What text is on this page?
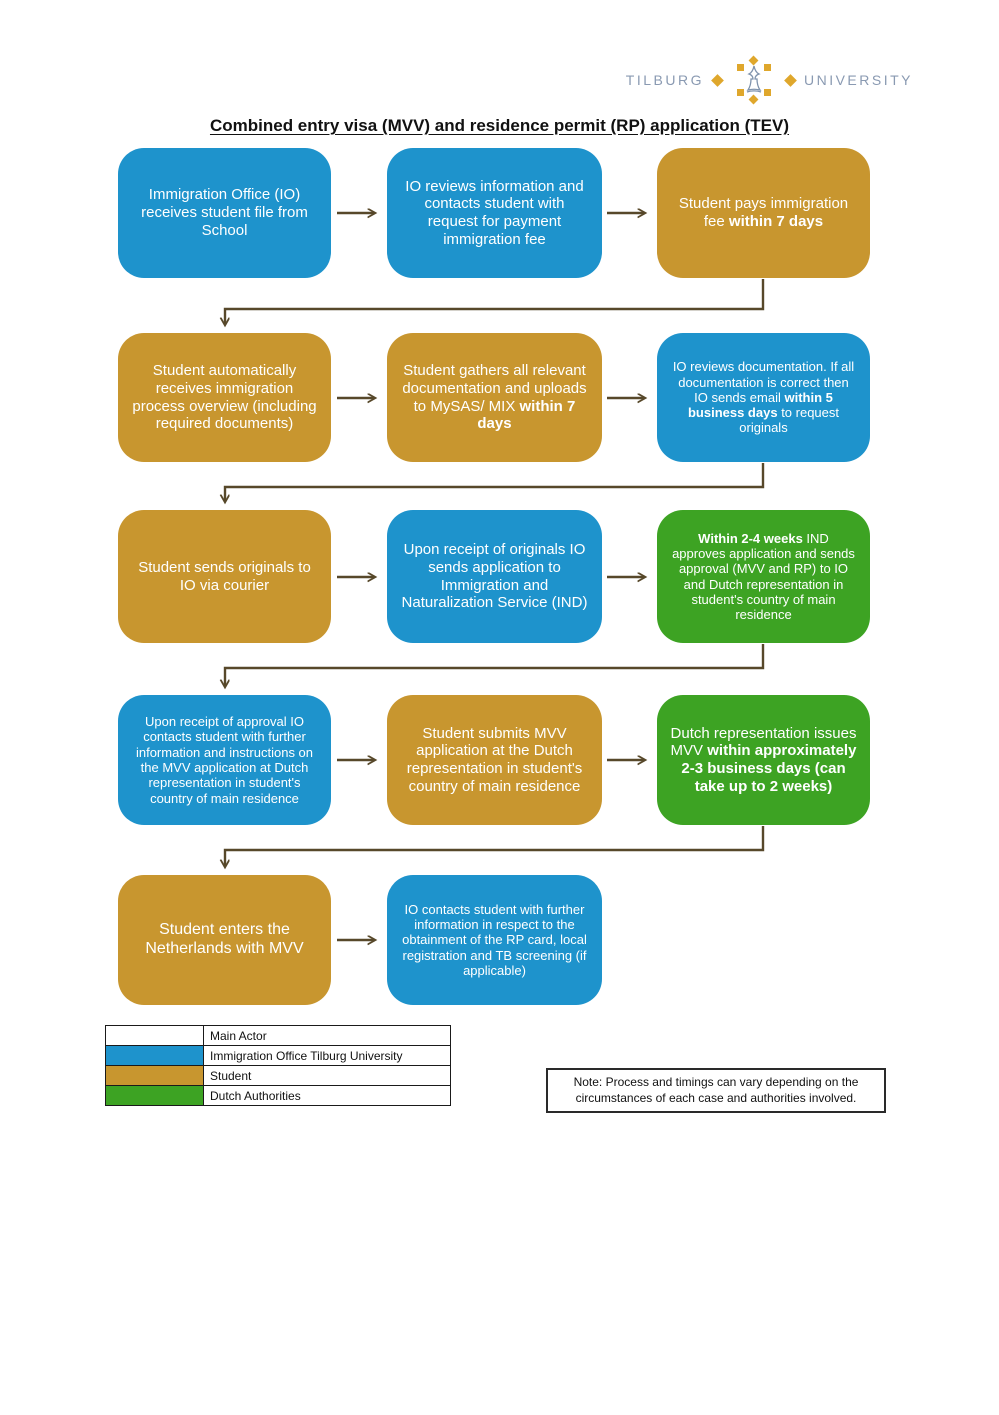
TILBURG	UNIVERSITY
Combined entry visa (MVV) and residence permit (RP) application (TEV)
Immigration Office (IO) receives student file from School
IO reviews information and contacts student with request for payment immigration fee
Student pays immigration fee within 7 days
Student automatically receives immigration process overview (including required documents)
Student gathers all relevant documentation and uploads to MySAS/ MIX within 7 days
IO reviews documentation. If all documentation is correct then IO sends email within 5 business days to request originals
Student sends originals to IO via courier
Upon receipt of originals IO sends application to Immigration and Naturalization Service (IND)
Within 2-4 weeks IND approves application and sends approval (MVV and RP) to IO and Dutch representation in student's country of main residence
Upon receipt of approval IO contacts student with further information and instructions on the MVV application at Dutch representation in student's country of main residence
Student submits MVV application at the Dutch representation in student's country of main residence
Dutch representation issues MVV within approximately 2-3 business days (can take up to 2 weeks)
Student enters the Netherlands with MVV
IO contacts student with further information in respect to the obtainment of the RP card, local registration and TB screening (if applicable)
	Main Actor
	Immigration Office Tilburg University
	Student
	Dutch Authorities
Note: Process and timings can vary depending on the circumstances of each case and authorities involved.
